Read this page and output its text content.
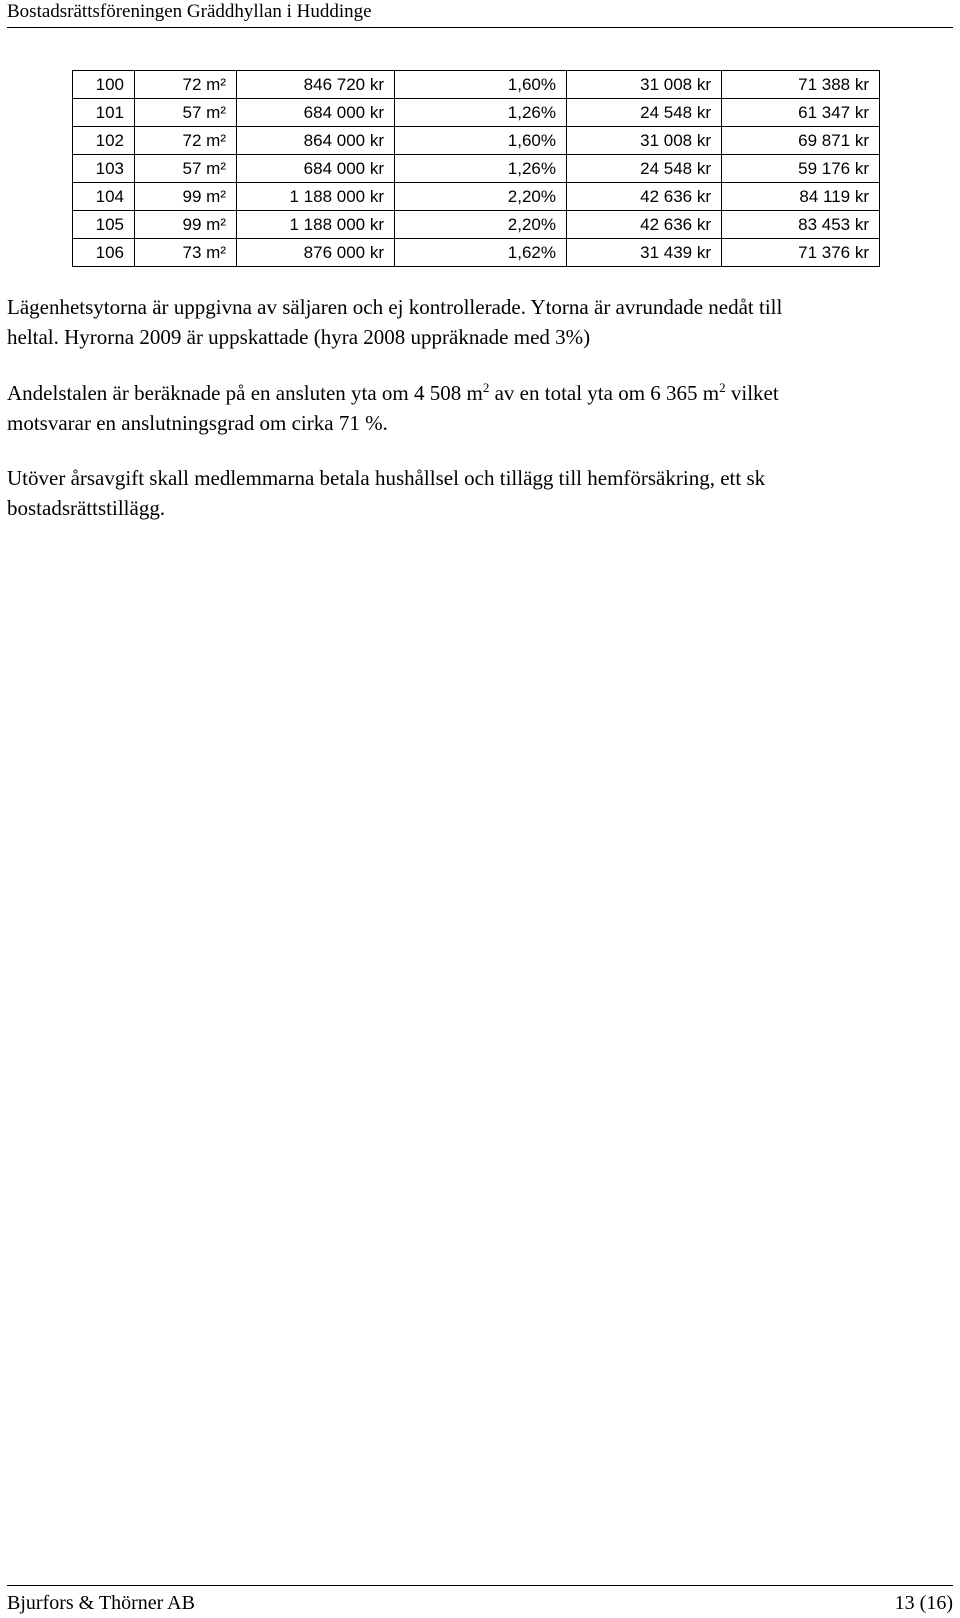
Bostadsrättsföreningen Gräddhyllan i Huddinge
100	72 m²	846 720 kr	1,60%	31 008 kr	71 388 kr
101	57 m²	684 000 kr	1,26%	24 548 kr	61 347 kr
102	72 m²	864 000 kr	1,60%	31 008 kr	69 871 kr
103	57 m²	684 000 kr	1,26%	24 548 kr	59 176 kr
104	99 m²	1 188 000 kr	2,20%	42 636 kr	84 119 kr
105	99 m²	1 188 000 kr	2,20%	42 636 kr	83 453 kr
106	73 m²	876 000 kr	1,62%	31 439 kr	71 376 kr

Lägenhetsytorna är uppgivna av säljaren och ej kontrollerade. Ytorna är avrundade nedåt till
heltal. Hyrorna 2009 är uppskattade (hyra 2008 uppräknade med 3%)

Andelstalen är beräknade på en ansluten yta om 4 508 $m^2$ av en total yta om 6 365 $m^2$ vilket
motsvarar en anslutningsgrad om cirka 71 %.

Utöver årsavgift skall medlemmarna betala hushållsel och tillägg till hemförsäkring, ett sk
bostadsrättstillägg.

Bjurfors & Thörner AB	13 (16)
